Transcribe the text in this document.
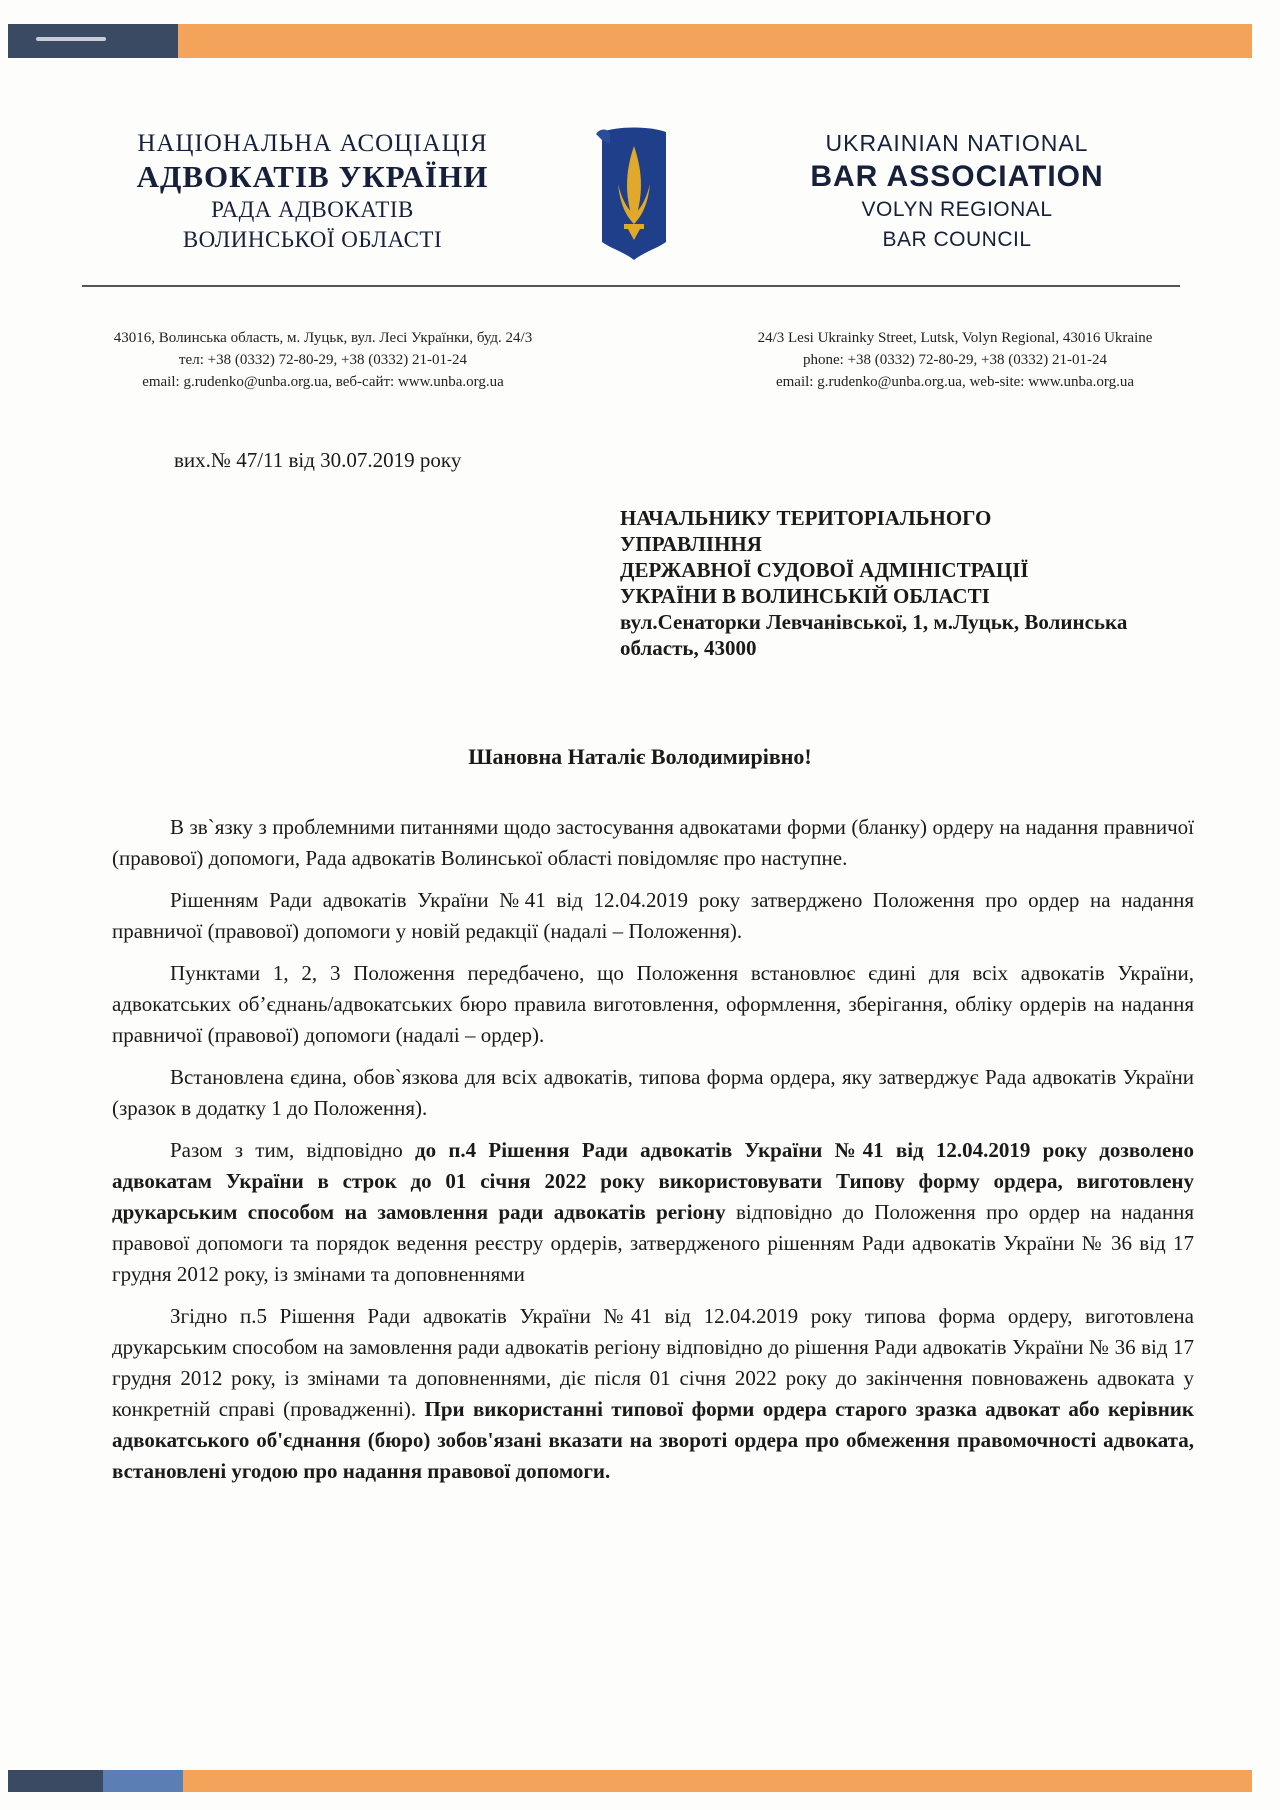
НАЦІОНАЛЬНА АСОЦІАЦІЯ
АДВОКАТІВ УКРАЇНИ
РАДА АДВОКАТІВ
ВОЛИНСЬКОЇ ОБЛАСТІ
UKRAINIAN NATIONAL
BAR ASSOCIATION
VOLYN REGIONAL
BAR COUNCIL
43016, Волинська область, м. Луцьк, вул. Лесі Українки, буд. 24/3
тел: +38 (0332) 72-80-29, +38 (0332) 21-01-24
email: g.rudenko@unba.org.ua, веб-сайт: www.unba.org.ua
24/3 Lesi Ukrainky Street, Lutsk, Volyn Regional, 43016 Ukraine
phone: +38 (0332) 72-80-29, +38 (0332) 21-01-24
email: g.rudenko@unba.org.ua, web-site: www.unba.org.ua
вих.№ 47/11 від 30.07.2019 року
НАЧАЛЬНИКУ ТЕРИТОРІАЛЬНОГО
УПРАВЛІННЯ
ДЕРЖАВНОЇ СУДОВОЇ АДМІНІСТРАЦІЇ
УКРАЇНИ В ВОЛИНСЬКІЙ ОБЛАСТІ
вул.Сенаторки Левчанівської, 1, м.Луцьк, Волинська область, 43000
Шановна Наталіє Володимирівно!

В зв`язку з проблемними питаннями щодо застосування адвокатами форми (бланку) ордеру на надання правничої (правової) допомоги, Рада адвокатів Волинської області повідомляє про наступне.

Рішенням Ради адвокатів України №41 від 12.04.2019 року затверджено Положення про ордер на надання правничої (правової) допомоги у новій редакції (надалі – Положення).

Пунктами 1, 2, 3 Положення передбачено, що Положення встановлює єдині для всіх адвокатів України, адвокатських об’єднань/адвокатських бюро правила виготовлення, оформлення, зберігання, обліку ордерів на надання правничої (правової) допомоги (надалі – ордер).

Встановлена єдина, обов`язкова для всіх адвокатів, типова форма ордера, яку затверджує Рада адвокатів України (зразок в додатку 1 до Положення).

Разом з тим, відповідно до п.4 Рішення Ради адвокатів України №41 від 12.04.2019 року дозволено адвокатам України в строк до 01 січня 2022 року використовувати Типову форму ордера, виготовлену друкарським способом на замовлення ради адвокатів регіону відповідно до Положення про ордер на надання правової допомоги та порядок ведення реєстру ордерів, затвердженого рішенням Ради адвокатів України № 36 від 17 грудня 2012 року, із змінами та доповненнями

Згідно п.5 Рішення Ради адвокатів України №41 від 12.04.2019 року типова форма ордеру, виготовлена друкарським способом на замовлення ради адвокатів регіону відповідно до рішення Ради адвокатів України № 36 від 17 грудня 2012 року, із змінами та доповненнями, діє після 01 січня 2022 року до закінчення повноважень адвоката у конкретній справі (провадженні). При використанні типової форми ордера старого зразка адвокат або керівник адвокатського об'єднання (бюро) зобов'язані вказати на звороті ордера про обмеження правомочності адвоката, встановлені угодою про надання правової допомоги.
